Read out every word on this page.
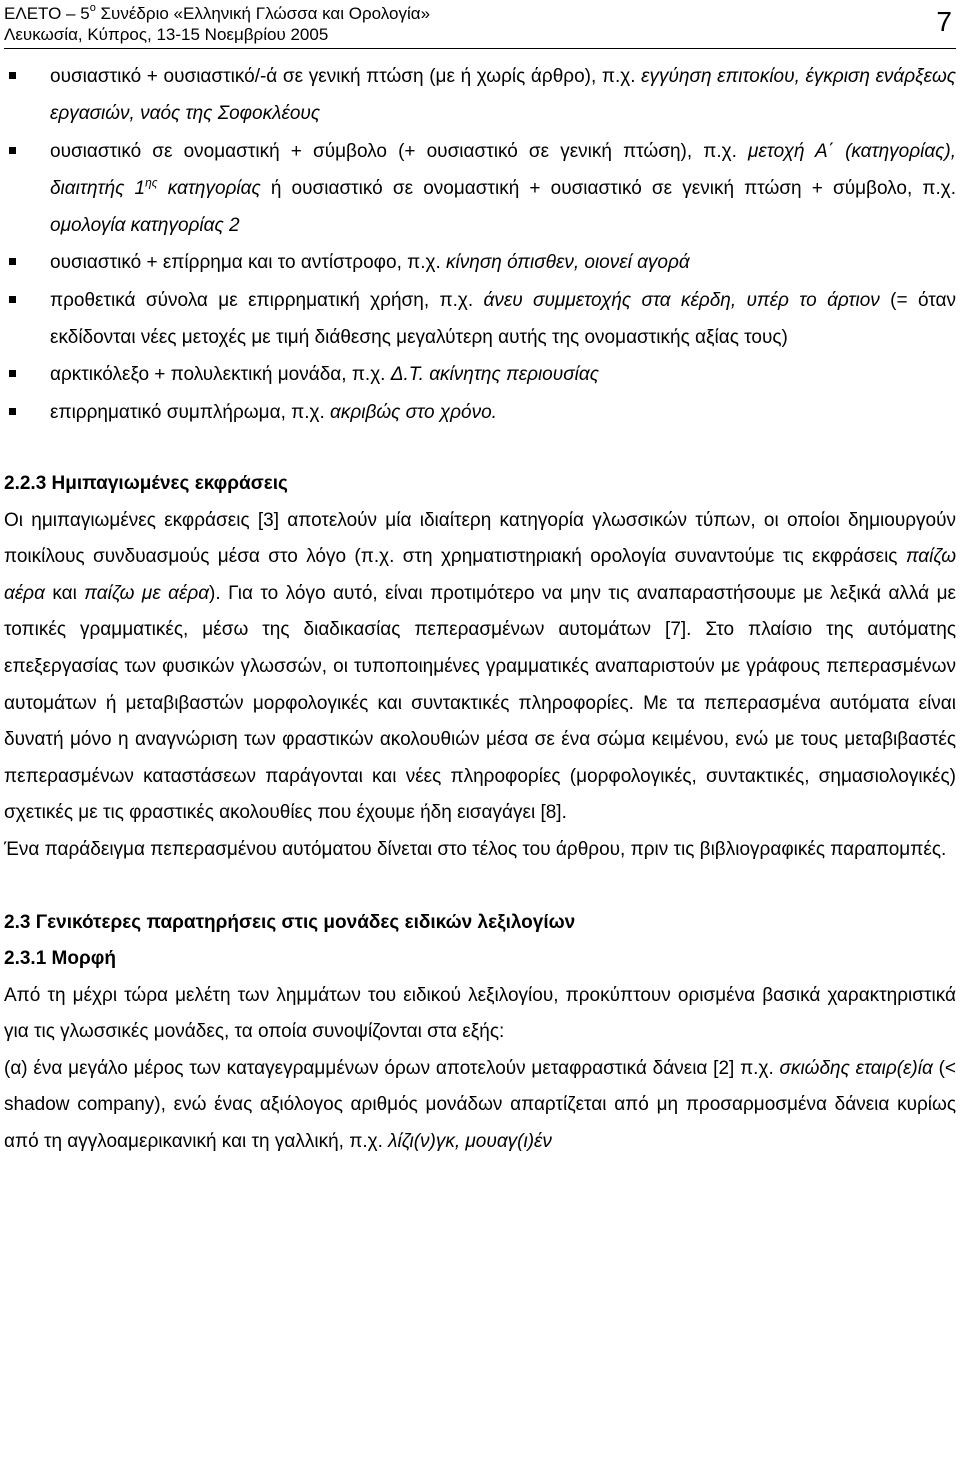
ΕΛΕΤΟ – $5^o$ Συνέδριο «Ελληνική Γλώσσα και Ορολογία»
Λευκωσία, Κύπρος, 13-15 Νοεμβρίου 2005	7
ουσιαστικό + ουσιαστικό/-ά σε γενική πτώση (με ή χωρίς άρθρο), π.χ. εγγύηση επιτοκίου, έγκριση ενάρξεως εργασιών, ναός της Σοφοκλέους
ουσιαστικό σε ονομαστική + σύμβολο (+ ουσιαστικό σε γενική πτώση), π.χ. μετοχή Α΄ (κατηγορίας), διαιτητής $1^{\eta\varsigma}$ κατηγορίας ή ουσιαστικό σε ονομαστική + ουσιαστικό σε γενική πτώση + σύμβολο, π.χ. ομολογία κατηγορίας 2
ουσιαστικό + επίρρημα και το αντίστροφο, π.χ. κίνηση όπισθεν, οιονεί αγορά
προθετικά σύνολα με επιρρηματική χρήση, π.χ. άνευ συμμετοχής στα κέρδη, υπέρ το άρτιον (= όταν εκδίδονται νέες μετοχές με τιμή διάθεσης μεγαλύτερη αυτής της ονομαστικής αξίας τους)
αρκτικόλεξο + πολυλεκτική μονάδα, π.χ. Δ.Τ. ακίνητης περιουσίας
επιρρηματικό συμπλήρωμα, π.χ. ακριβώς στο χρόνο.
2.2.3 Ημιπαγιωμένες εκφράσεις

Οι ημιπαγιωμένες εκφράσεις [3] αποτελούν μία ιδιαίτερη κατηγορία γλωσσικών τύπων, οι οποίοι δημιουργούν ποικίλους συνδυασμούς μέσα στο λόγο (π.χ. στη χρηματιστηριακή ορολογία συναντούμε τις εκφράσεις παίζω αέρα και παίζω με αέρα). Για το λόγο αυτό, είναι προτιμότερο να μην τις αναπαραστήσουμε με λεξικά αλλά με τοπικές γραμματικές, μέσω της διαδικασίας πεπερασμένων αυτομάτων [7]. Στο πλαίσιο της αυτόματης επεξεργασίας των φυσικών γλωσσών, οι τυποποιημένες γραμματικές αναπαριστούν με γράφους πεπερασμένων αυτομάτων ή μεταβιβαστών μορφολογικές και συντακτικές πληροφορίες. Με τα πεπερασμένα αυτόματα είναι δυνατή μόνο η αναγνώριση των φραστικών ακολουθιών μέσα σε ένα σώμα κειμένου, ενώ με τους μεταβιβαστές πεπερασμένων καταστάσεων παράγονται και νέες πληροφορίες (μορφολογικές, συντακτικές, σημασιολογικές) σχετικές με τις φραστικές ακολουθίες που έχουμε ήδη εισαγάγει [8].

Ένα παράδειγμα πεπερασμένου αυτόματου δίνεται στο τέλος του άρθρου, πριν τις βιβλιογραφικές παραπομπές.

2.3 Γενικότερες παρατηρήσεις στις μονάδες ειδικών λεξιλογίων
2.3.1 Μορφή

Από τη μέχρι τώρα μελέτη των λημμάτων του ειδικού λεξιλογίου, προκύπτουν ορισμένα βασικά χαρακτηριστικά για τις γλωσσικές μονάδες, τα οποία συνοψίζονται στα εξής:

(α) ένα μεγάλο μέρος των καταγεγραμμένων όρων αποτελούν μεταφραστικά δάνεια [2] π.χ. σκιώδης εταιρ(ε)ία (< shadow company), ενώ ένας αξιόλογος αριθμός μονάδων απαρτίζεται από μη προσαρμοσμένα δάνεια κυρίως από τη αγγλοαμερικανική και τη γαλλική, π.χ. λίζι(ν)γκ, μουαγ(ι)έν
